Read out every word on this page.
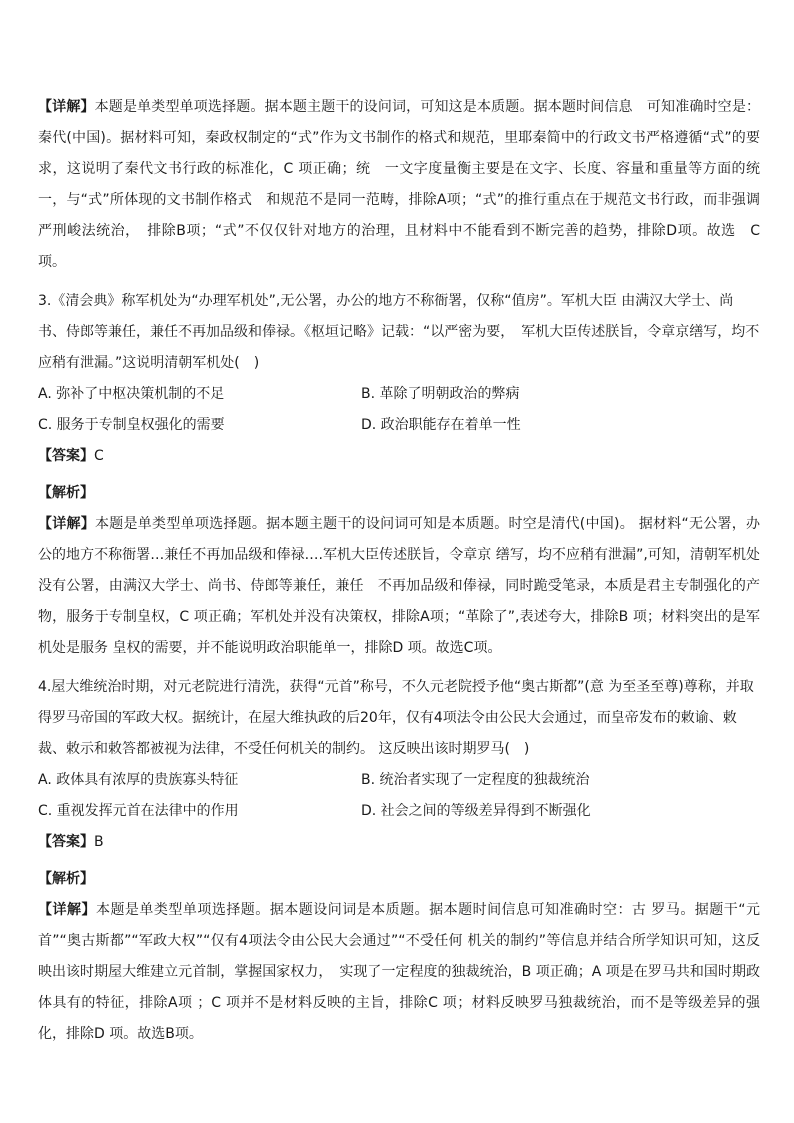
【详解】本题是单类型单项选择题。据本题主题干的设问词，可知这是本质题。据本题时间信息　可知准确时空是：秦代(中国)。据材料可知，秦政权制定的“式”作为文书制作的格式和规范，里耶秦简中的行政文书严格遵循“式”的要求，这说明了秦代文书行政的标准化，C 项正确；统　一文字度量衡主要是在文字、长度、容量和重量等方面的统一，与“式”所体现的文书制作格式　和规范不是同一范畴，排除A项；“式”的推行重点在于规范文书行政，而非强调严刑峻法统治，　排除B项；“式”不仅仅针对地方的治理，且材料中不能看到不断完善的趋势，排除D项。故选　C项。

3.《清会典》称军机处为“办理军机处”,无公署，办公的地方不称衙署，仅称“值房”。军机大臣 由满汉大学士、尚书、侍郎等兼任，兼任不再加品级和俸禄。《枢垣记略》记载：“以严密为要，　军机大臣传述朕旨，令章京缮写，均不应稍有泄漏。”这说明清朝军机处(　)

A. 弥补了中枢决策机制的不足	B. 革除了明朝政治的弊病
C. 服务于专制皇权强化的需要	D. 政治职能存在着单一性

【答案】C

【解析】

【详解】本题是单类型单项选择题。据本题主题干的设问词可知是本质题。时空是清代(中国)。 据材料“无公署，办公的地方不称衙署…兼任不再加品级和俸禄….军机大臣传述朕旨，令章京 缮写，均不应稍有泄漏”,可知，清朝军机处没有公署，由满汉大学士、尚书、侍郎等兼任，兼任　不再加品级和俸禄，同时跪受笔录，本质是君主专制强化的产物，服务于专制皇权，C 项正确；军机处并没有决策权，排除A项；“革除了”,表述夸大，排除B 项；材料突出的是军机处是服务 皇权的需要，并不能说明政治职能单一，排除D 项。故选C项。

4.屋大维统治时期，对元老院进行清洗，获得“元首”称号，不久元老院授予他“奥古斯都”(意 为至圣至尊)尊称，并取得罗马帝国的军政大权。据统计，在屋大维执政的后20年，仅有4项法令由公民大会通过，而皇帝发布的敕谕、敕裁、敕示和敕答都被视为法律，不受任何机关的制约。 这反映出该时期罗马(　)

A. 政体具有浓厚的贵族寡头特征	B. 统治者实现了一定程度的独裁统治
C. 重视发挥元首在法律中的作用	D. 社会之间的等级差异得到不断强化

【答案】B

【解析】

【详解】本题是单类型单项选择题。据本题设问词是本质题。据本题时间信息可知准确时空：古 罗马。据题干“元首”“奥古斯都”“军政大权”“仅有4项法令由公民大会通过”“不受任何 机关的制约”等信息并结合所学知识可知，这反映出该时期屋大维建立元首制，掌握国家权力，　实现了一定程度的独裁统治，B 项正确；A 项是在罗马共和国时期政体具有的特征，排除A项 ；C 项并不是材料反映的主旨，排除C 项；材料反映罗马独裁统治，而不是等级差异的强化，排除D 项。故选B项。
